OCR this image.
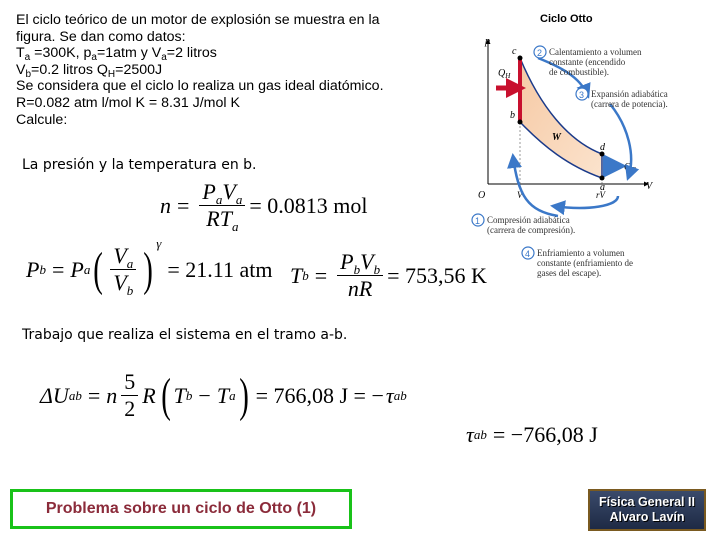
El ciclo teórico de un motor de explosión se muestra en la
figura. Se dan como datos:
$T_a =300K$, $p_a=1atm$ y $V_a=2$ litros
$V_b=0.2$ litros $Q_H=2500J$
Se considera que el ciclo lo realiza un gas ideal diatómico.
R=0.082 atm l/mol K = 8.31 J/mol K
Calcule:
La presión y la temperatura en b.
$n = \frac{P_aV_a}{RT_a} = 0.0813$ mol
P b = P a ( $\frac{V_a}{V_b}$ ) γ
= 21.11 atm T $b = \frac{P_bV_b}{nR} = 753,56$ K
Trabajo que realiza el sistema en el tramo a-b.
ΔU ab = n $\frac{5}{2}$ R ( T b − T a ) = 766,08 J = − τ ab
τ ab = −766,08 J
Ciclo Otto
p
V
O	V	rV
W
$Q_H$
$Q_C$
c
b
d
a
2 Calentamiento a volumen constante (encendido de combustible).
3 Expansión adiabática (carrera de potencia).
1 Compresión adiabática (carrera de compresión).
4 Enfriamiento a volumen constante (enfriamiento de gases del escape).
Problema sobre un ciclo de Otto (1)	Física General II
Alvaro Lavín
